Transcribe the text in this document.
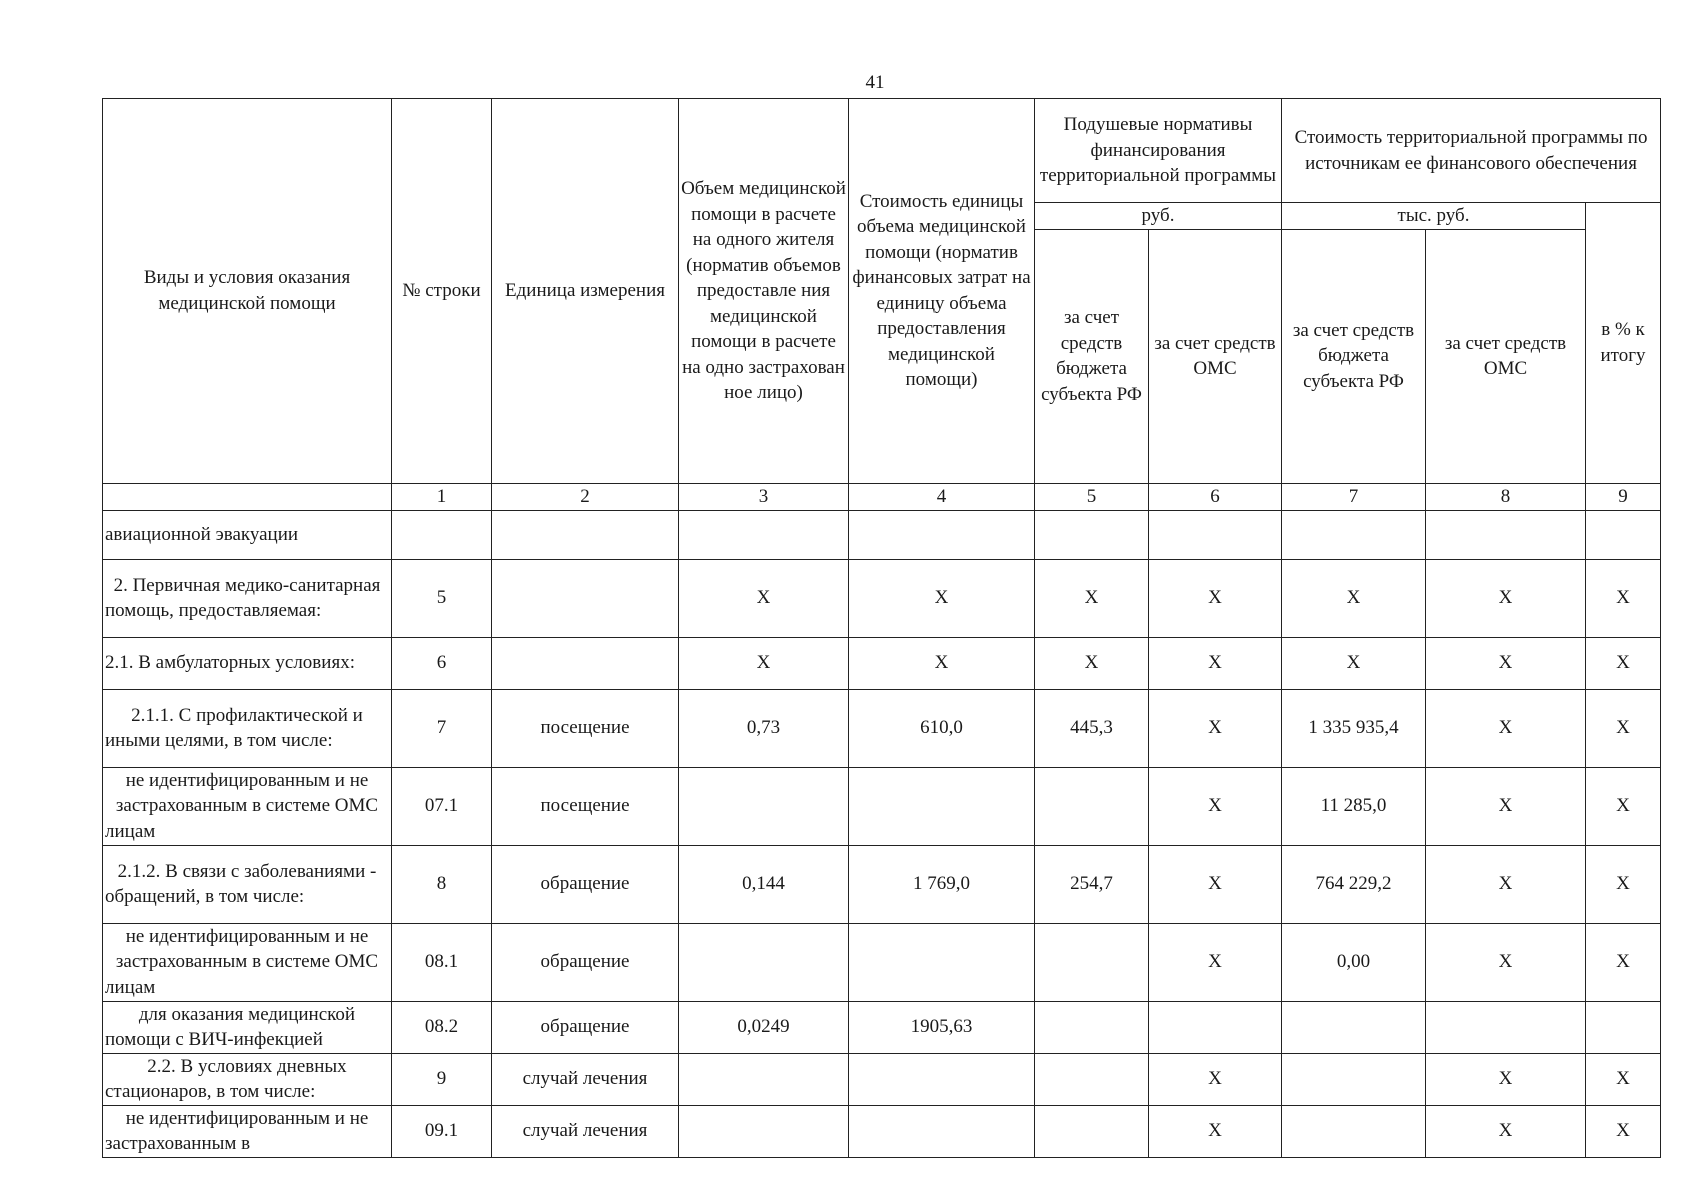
41
Виды и условия оказания медицинской помощи	№ строки	Единица измерения	Объем медицинской помощи в расчете на одного жителя (норматив объемов предоставле ния медицинской помощи в расчете на одно застрахован ное лицо)	Стоимость единицы объема медицинской помощи (норматив финансовых затрат на единицу объема предоставления медицинской помощи)	Подушевые нормативы финансирования территориальной программы		Стоимость территориальной программы по источникам ее финансового обеспечения		
					руб.		тыс. руб.		в % к итогу
					за счет средств бюджета субъекта РФ	за счет средств ОМС	за счет средств бюджета субъекта РФ	за счет средств ОМС	
	1	2	3	4	5	6	7	8	9
авиационной эвакуации									
2. Первичная медико-санитарная помощь, предоставляемая:	5		Х	Х	Х	Х	Х	Х	Х
2.1. В амбулаторных условиях:	6		Х	Х	Х	Х	Х	Х	Х
2.1.1. С профилактической и иными целями, в том числе:	7	посещение	0,73	610,0	445,3	Х	1 335 935,4	Х	Х
не идентифицированным и не застрахованным в системе ОМС лицам	07.1	посещение				Х	11 285,0	Х	Х
2.1.2. В связи с заболеваниями - обращений, в том числе:	8	обращение	0,144	1 769,0	254,7	Х	764 229,2	Х	Х
не идентифицированным и не застрахованным в системе ОМС лицам	08.1	обращение				Х	0,00	Х	Х
для оказания медицинской помощи с ВИЧ-инфекцией	08.2	обращение	0,0249	1905,63					
2.2. В условиях дневных стационаров, в том числе:	9	случай лечения				Х		Х	Х
не идентифицированным и не застрахованным в	09.1	случай лечения				Х		Х	Х
